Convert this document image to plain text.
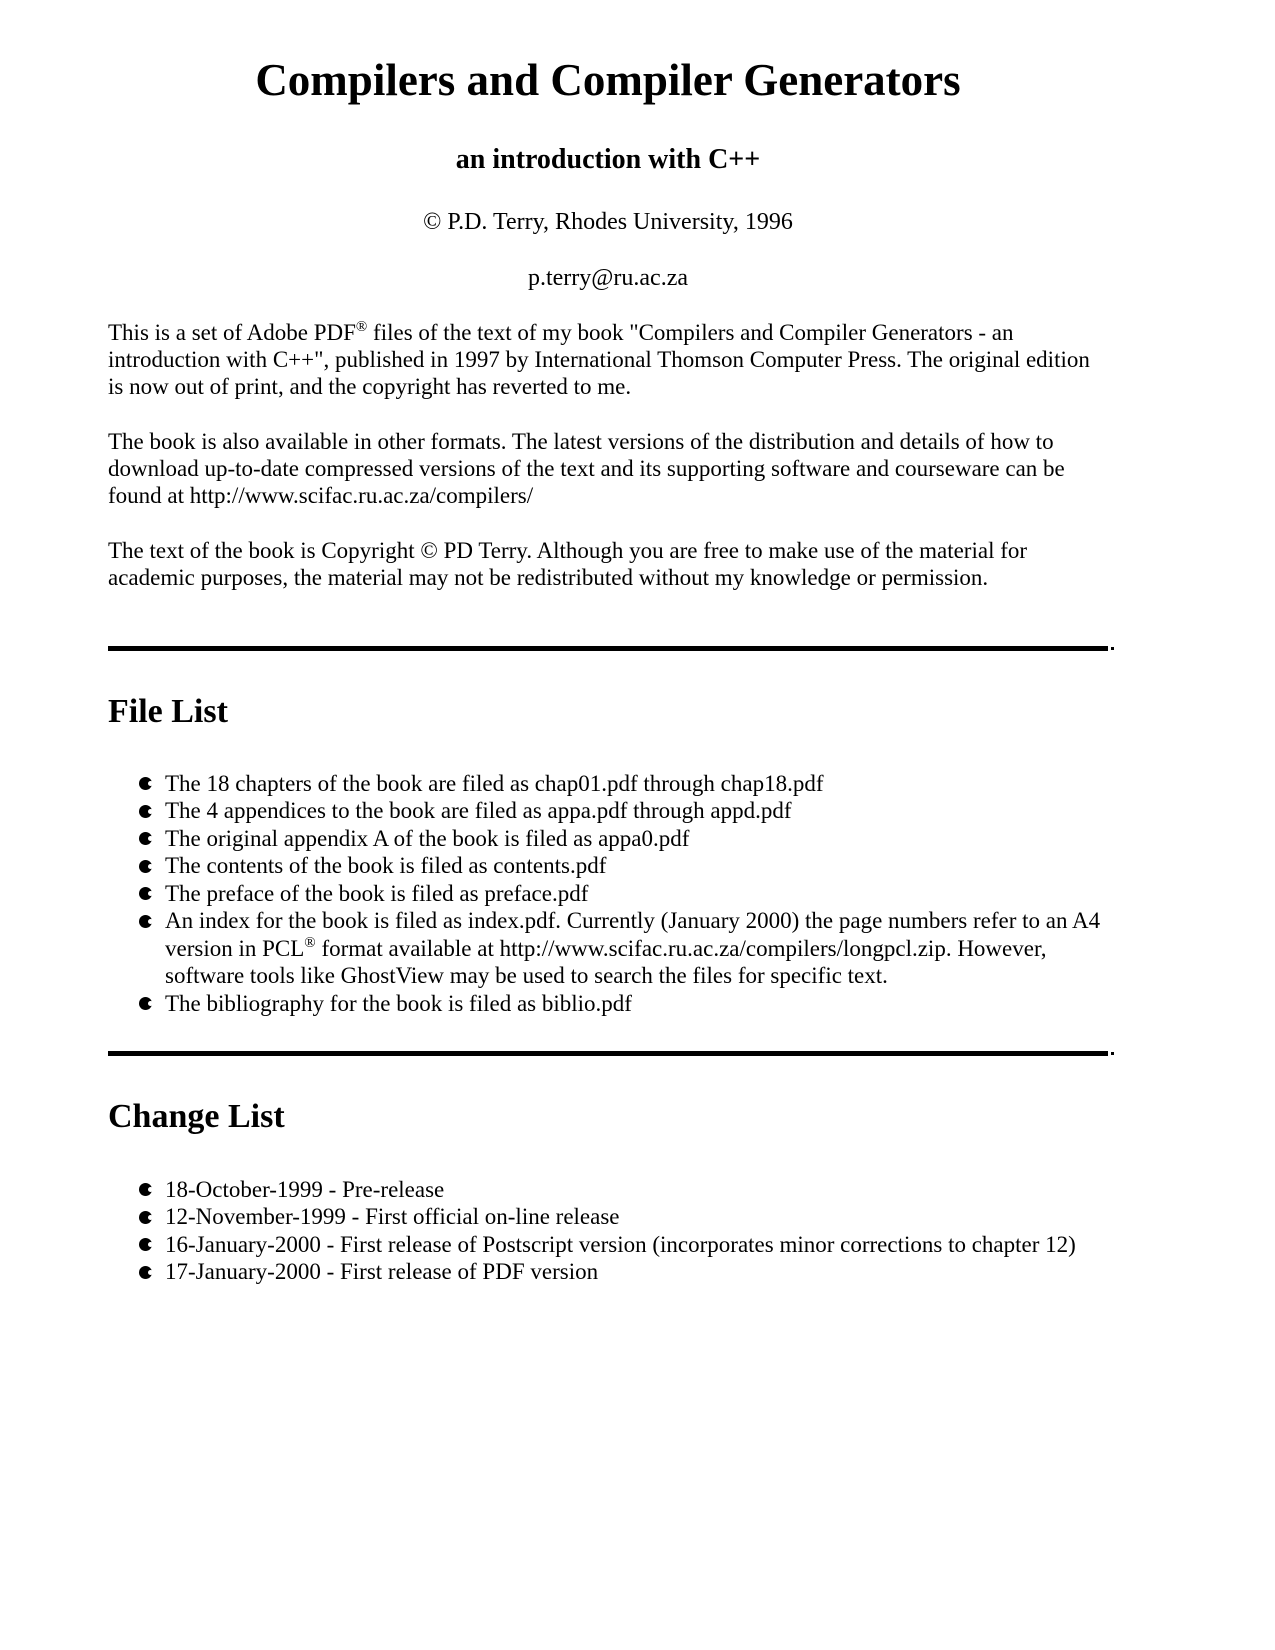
Compilers and Compiler Generators
an introduction with C++
© P.D. Terry, Rhodes University, 1996
p.terry@ru.ac.za

This is a set of Adobe PDF® files of the text of my book "Compilers and Compiler Generators - an introduction with C++", published in 1997 by International Thomson Computer Press. The original edition is now out of print, and the copyright has reverted to me.

The book is also available in other formats. The latest versions of the distribution and details of how to download up-to-date compressed versions of the text and its supporting software and courseware can be found at http://www.scifac.ru.ac.za/compilers/

The text of the book is Copyright © PD Terry. Although you are free to make use of the material for academic purposes, the material may not be redistributed without my knowledge or permission.

File List
The 18 chapters of the book are filed as chap01.pdf through chap18.pdf
The 4 appendices to the book are filed as appa.pdf through appd.pdf
The original appendix A of the book is filed as appa0.pdf
The contents of the book is filed as contents.pdf
The preface of the book is filed as preface.pdf
An index for the book is filed as index.pdf. Currently (January 2000) the page numbers refer to an A4 version in PCL® format available at http://www.scifac.ru.ac.za/compilers/longpcl.zip. However, software tools like GhostView may be used to search the files for specific text.
The bibliography for the book is filed as biblio.pdf
Change List
18-October-1999 - Pre-release
12-November-1999 - First official on-line release
16-January-2000 - First release of Postscript version (incorporates minor corrections to chapter 12)
17-January-2000 - First release of PDF version
